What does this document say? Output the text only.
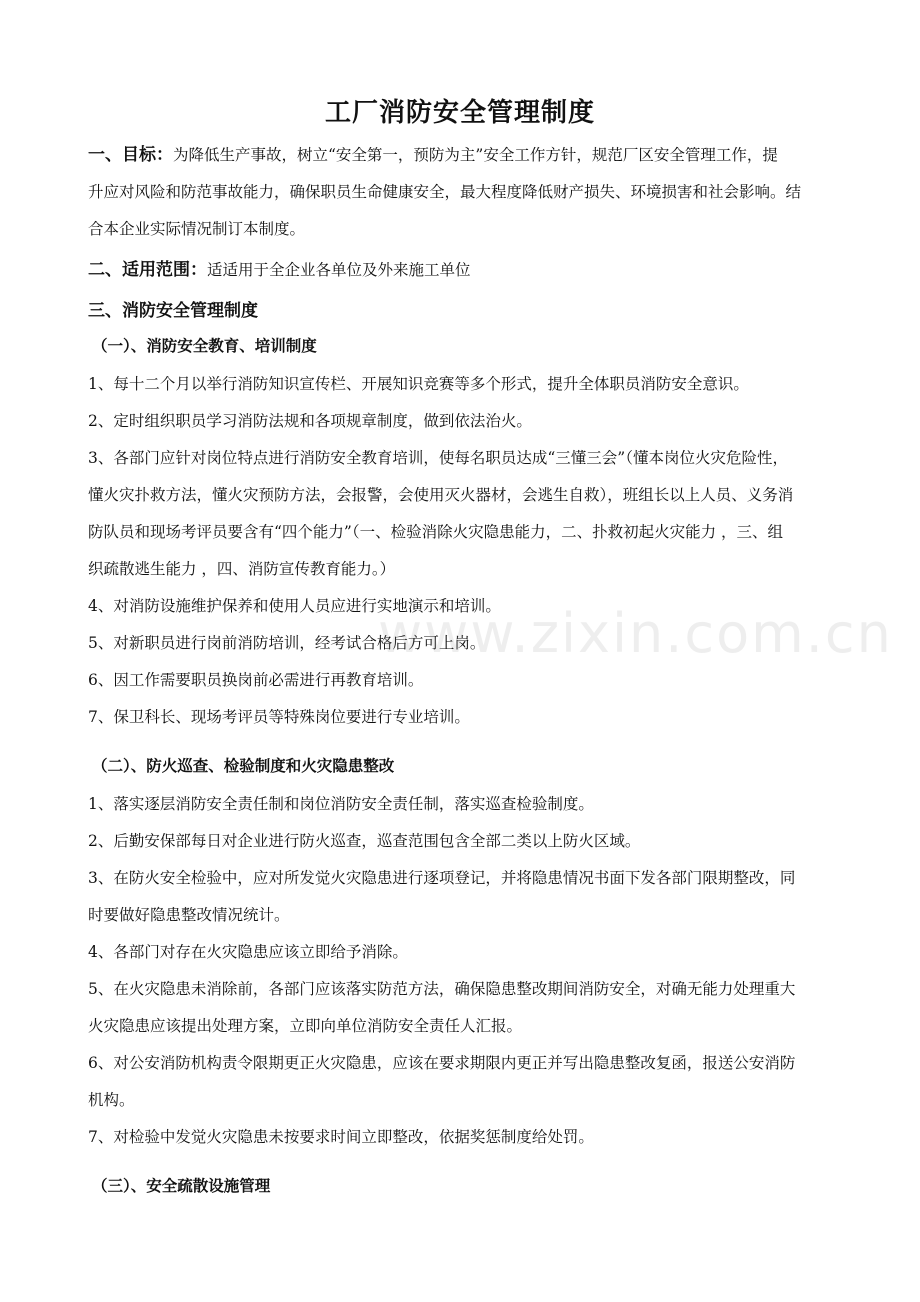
工厂消防安全管理制度
一、目标：为降低生产事故，树立“安全第一，预防为主”安全工作方针，规范厂区安全管理工作，提
升应对风险和防范事故能力，确保职员生命健康安全，最大程度降低财产损失、环境损害和社会影响。结
合本企业实际情况制订本制度。
二、适用范围：适适用于全企业各单位及外来施工单位
三、消防安全管理制度
（一）、消防安全教育、培训制度
1、每十二个月以举行消防知识宣传栏、开展知识竞赛等多个形式，提升全体职员消防安全意识。
2、定时组织职员学习消防法规和各项规章制度，做到依法治火。
3、各部门应针对岗位特点进行消防安全教育培训，使每名职员达成“三懂三会”（懂本岗位火灾危险性，
懂火灾扑救方法，懂火灾预防方法，会报警，会使用灭火器材，会逃生自救），班组长以上人员、义务消
防队员和现场考评员要含有“四个能力”（一、检验消除火灾隐患能力，二、扑救初起火灾能力 ，三、组
织疏散逃生能力 ，四、消防宣传教育能力。）
4、对消防设施维护保养和使用人员应进行实地演示和培训。
5、对新职员进行岗前消防培训，经考试合格后方可上岗。
6、因工作需要职员换岗前必需进行再教育培训。
7、保卫科长、现场考评员等特殊岗位要进行专业培训。
（二）、防火巡查、检验制度和火灾隐患整改
1、落实逐层消防安全责任制和岗位消防安全责任制，落实巡查检验制度。
2、后勤安保部每日对企业进行防火巡查，巡查范围包含全部二类以上防火区域。
3、在防火安全检验中，应对所发觉火灾隐患进行逐项登记，并将隐患情况书面下发各部门限期整改，同
时要做好隐患整改情况统计。
4、各部门对存在火灾隐患应该立即给予消除。
5、在火灾隐患未消除前，各部门应该落实防范方法，确保隐患整改期间消防安全，对确无能力处理重大
火灾隐患应该提出处理方案，立即向单位消防安全责任人汇报。
6、对公安消防机构责令限期更正火灾隐患，应该在要求期限内更正并写出隐患整改复函，报送公安消防
机构。
7、对检验中发觉火灾隐患未按要求时间立即整改，依据奖惩制度给处罚。
（三）、安全疏散设施管理
www.zixin.com.cn
